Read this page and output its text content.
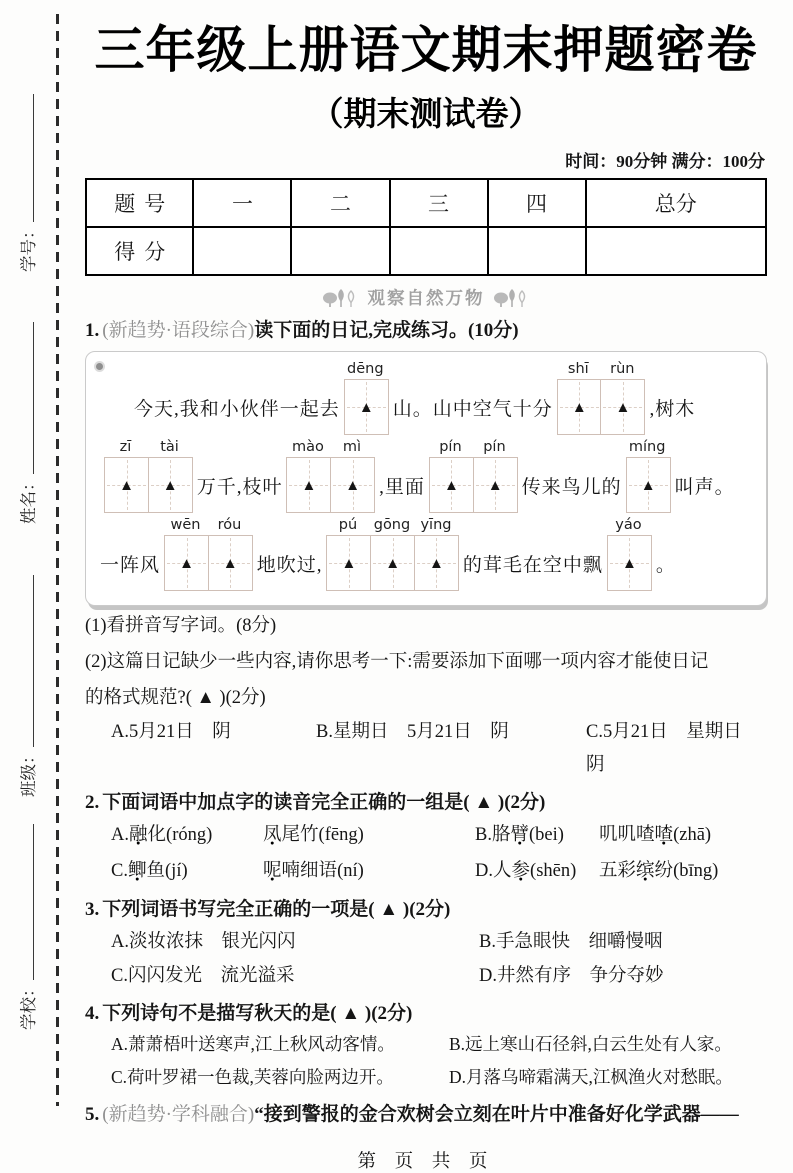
学号：
姓名：
班级：
学校：
三年级上册语文期末押题密卷
（期末测试卷）
时间：90分钟 满分：100分
题号	一	二	三	四	总分
得分					
观察自然万物

1. (新趋势·语段综合)读下面的日记,完成练习。(10分)

今天,我和小伙伴一起去
dēng
▲ 山。山中空气十分
shī	rùn
▲ ▲ ,树木
zī	tài
▲ ▲ 万千,枝叶
mào	mì
▲ ▲ ,里面
pín	pín
▲ ▲ 传来鸟儿的
míng
▲ 叫声。
一阵风
wēn	róu
▲ ▲ 地吹过,
pú	gōng yīng
▲ ▲ ▲ 的茸毛在空中飘
yáo
▲ 。
(1)看拼音写字词。(8分)
(2)这篇日记缺少一些内容,请你思考一下:需要添加下面哪一项内容才能使日记
的格式规范?( ▲ )(2分)
A.5月21日　阴	B.星期日　5月21日　阴	C.5月21日　星期日　阴

2. 下面词语中加点字的读音完全正确的一组是( ▲ )(2分)

A.融 ●化(róng)	凤 ●尾竹(fēng)	B.胳臂 ●(bei)	叽叽喳喳 ●(zhā)
C.鲫 ●鱼(jí)	呢 ●喃细语(ní)	D.人参 ●(shēn)	五彩缤 ●纷(bīng)

3. 下列词语书写完全正确的一项是( ▲ )(2分)

A.淡妆浓抹　银光闪闪	B.手急眼快　细嚼慢咽
C.闪闪发光　流光溢采	D.井然有序　争分夺妙

4. 下列诗句不是描写秋天的是( ▲ )(2分)

A.萧萧梧叶送寒声,江上秋风动客情。	B.远上寒山石径斜,白云生处有人家。
C.荷叶罗裙一色裁,芙蓉向脸两边开。	D.月落乌啼霜满天,江枫渔火对愁眠。

5. (新趋势·学科融合)“接到警报的金合欢树会立刻在叶片中准备好化学武器——

第 页 共 页
